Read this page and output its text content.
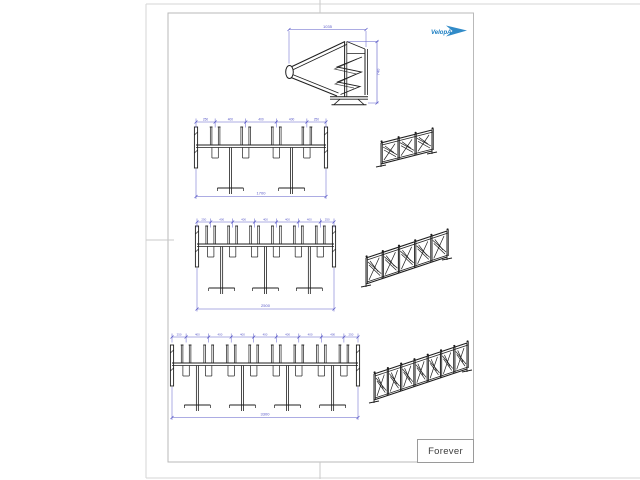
1035
740
250	400	400	400	250
1700
250	400	400	400	400	400	250
2500
250	400	400	400	400	400	400	400	250
3300
VelopA
Forever
